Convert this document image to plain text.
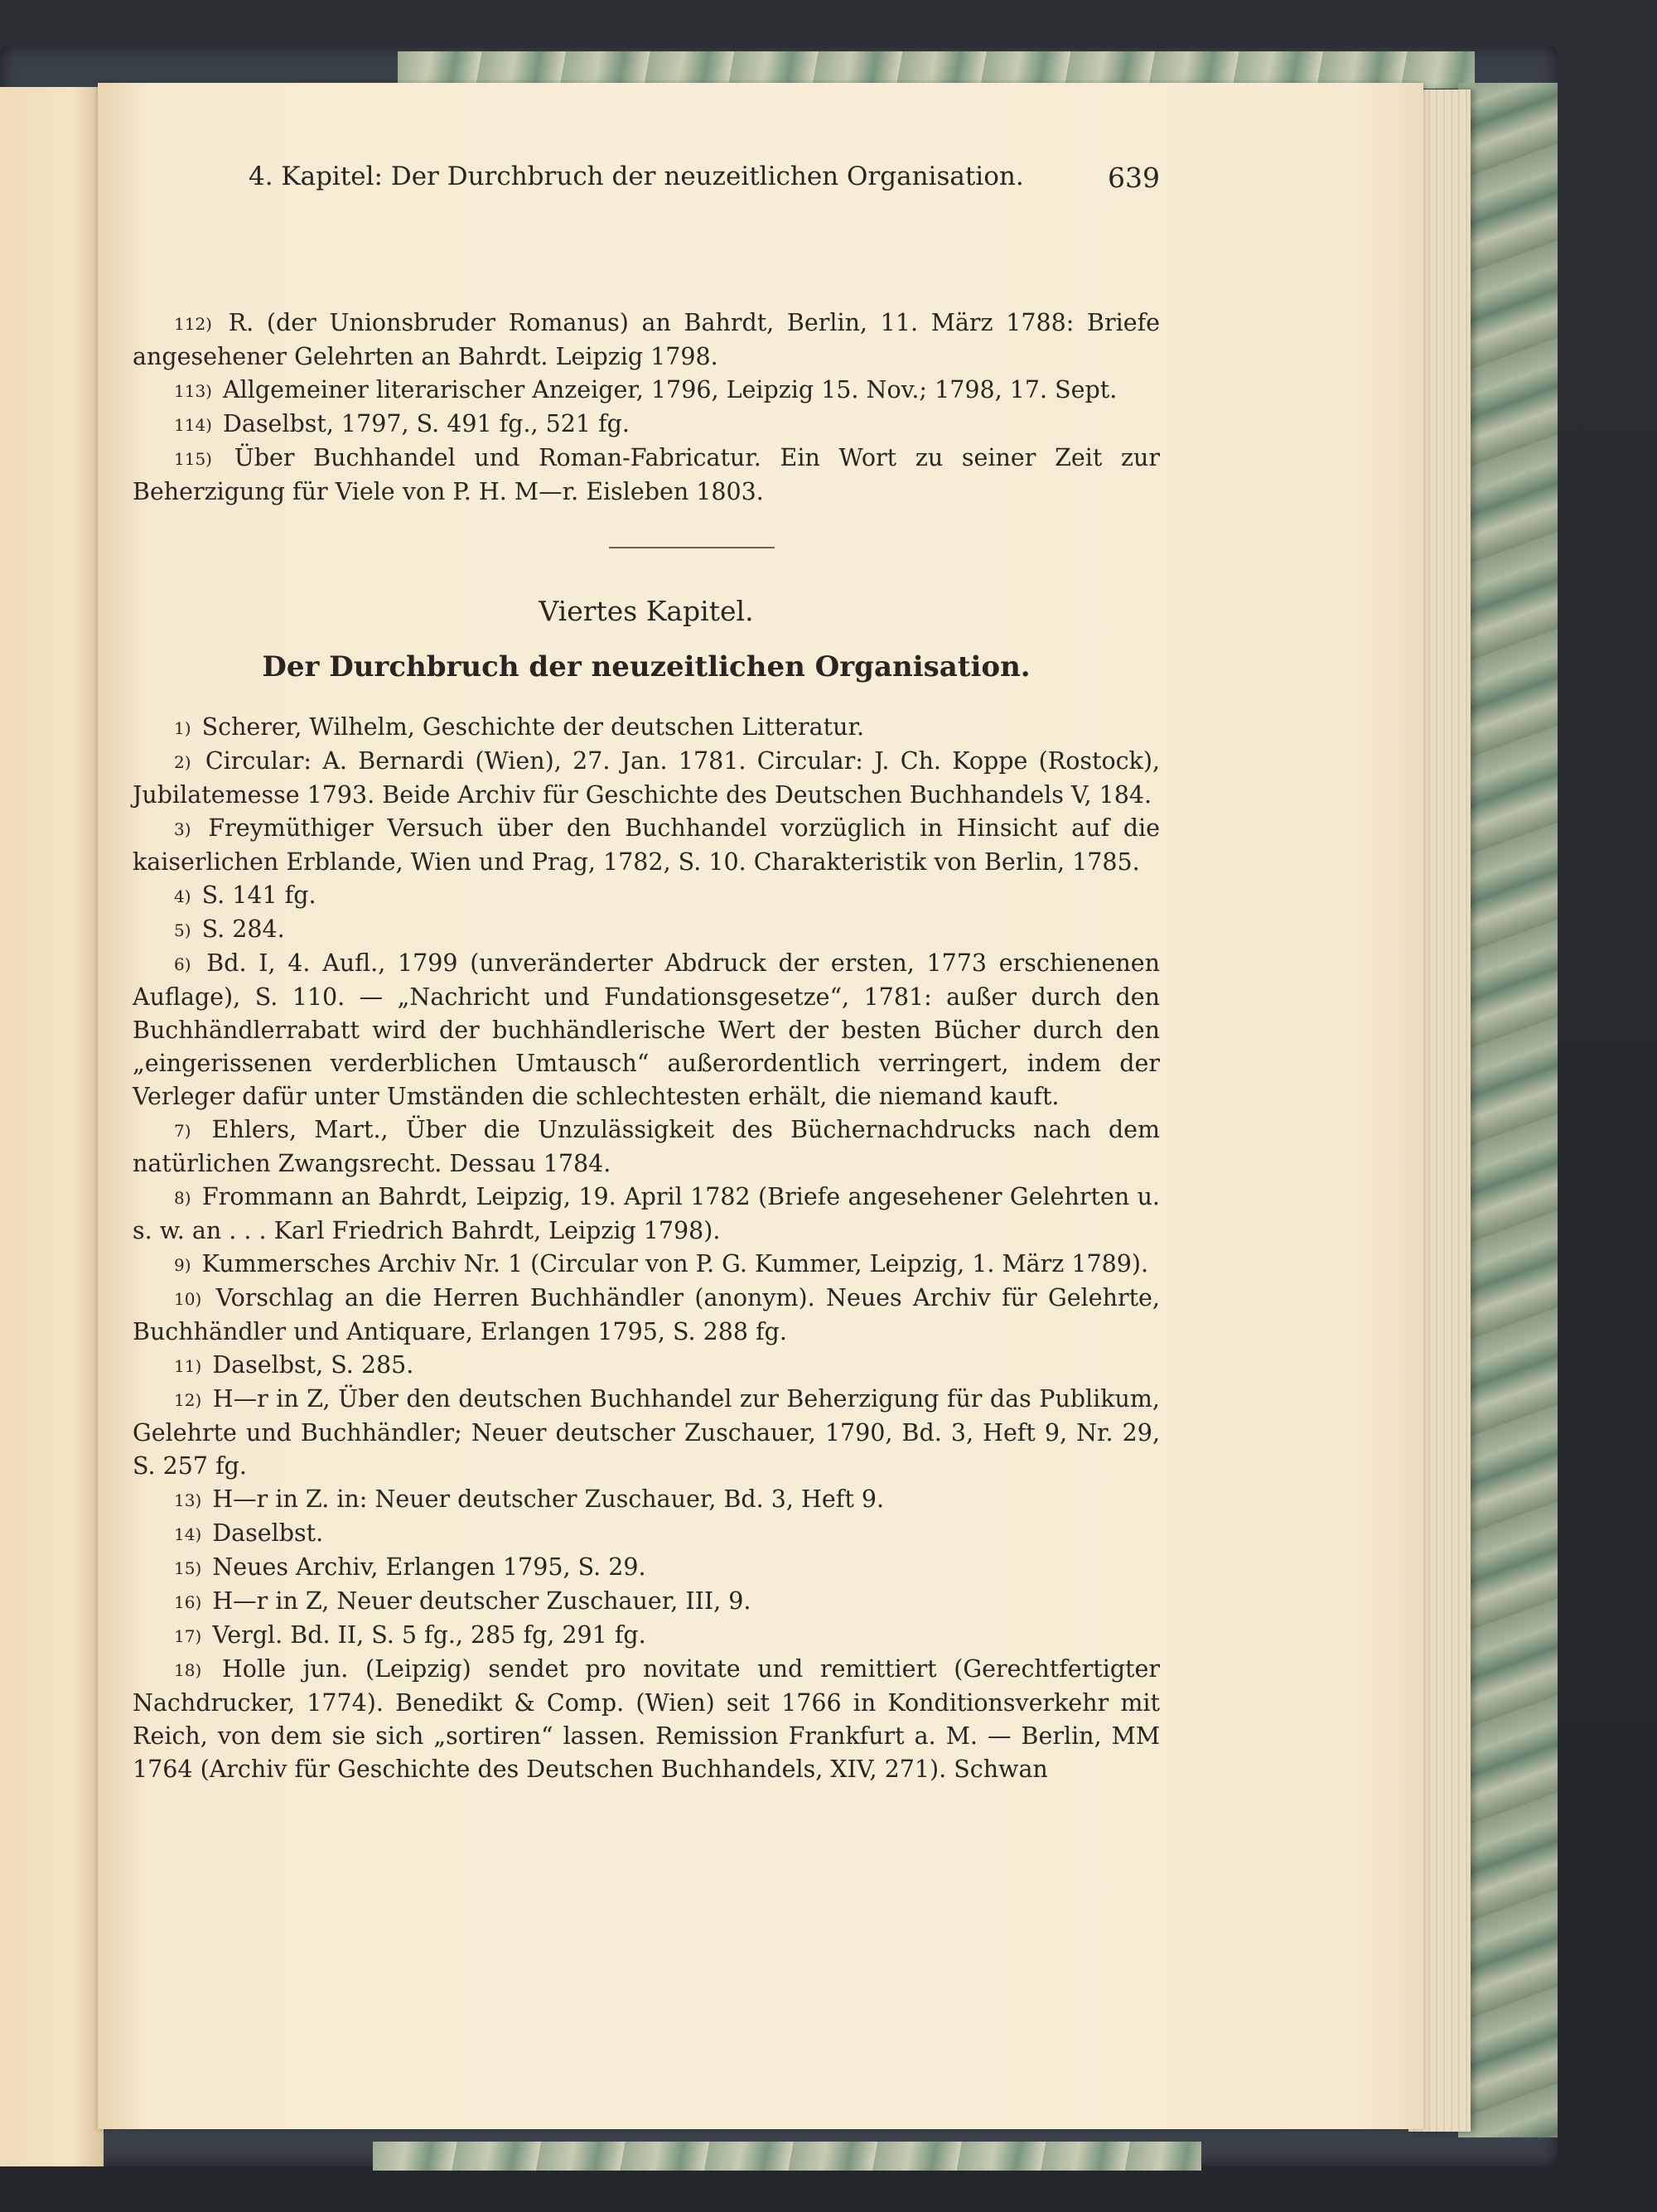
4. Kapitel: Der Durchbruch der neuzeitlichen Organisation.	639

112) R. (der Unionsbruder Romanus) an Bahrdt, Berlin, 11. März 1788: Briefe angesehener Gelehrten an Bahrdt. Leipzig 1798.

113) Allgemeiner literarischer Anzeiger, 1796, Leipzig 15. Nov.; 1798, 17. Sept.

114) Daselbst, 1797, S. 491 fg., 521 fg.

115) Über Buchhandel und Roman-Fabricatur. Ein Wort zu seiner Zeit zur Beherzigung für Viele von P. H. M—r. Eisleben 1803.

Viertes Kapitel.
Der Durchbruch der neuzeitlichen Organisation.

1) Scherer, Wilhelm, Geschichte der deutschen Litteratur.

2) Circular: A. Bernardi (Wien), 27. Jan. 1781. Circular: J. Ch. Koppe (Rostock), Jubilatemesse 1793. Beide Archiv für Geschichte des Deutschen Buchhandels V, 184.

3) Freymüthiger Versuch über den Buchhandel vorzüglich in Hinsicht auf die kaiserlichen Erblande, Wien und Prag, 1782, S. 10. Charakteristik von Berlin, 1785.

4) S. 141 fg.

5) S. 284.

6) Bd. I, 4. Aufl., 1799 (unveränderter Abdruck der ersten, 1773 erschienenen Auflage), S. 110. — „Nachricht und Fundationsgesetze“, 1781: außer durch den Buchhändlerrabatt wird der buchhändlerische Wert der besten Bücher durch den „eingerissenen verderblichen Umtausch“ außerordentlich verringert, indem der Verleger dafür unter Umständen die schlechtesten erhält, die niemand kauft.

7) Ehlers, Mart., Über die Unzulässigkeit des Büchernachdrucks nach dem natürlichen Zwangsrecht. Dessau 1784.

8) Frommann an Bahrdt, Leipzig, 19. April 1782 (Briefe angesehener Gelehrten u. s. w. an . . . Karl Friedrich Bahrdt, Leipzig 1798).

9) Kummersches Archiv Nr. 1 (Circular von P. G. Kummer, Leipzig, 1. März 1789).

10) Vorschlag an die Herren Buchhändler (anonym). Neues Archiv für Gelehrte, Buchhändler und Antiquare, Erlangen 1795, S. 288 fg.

11) Daselbst, S. 285.

12) H—r in Z, Über den deutschen Buchhandel zur Beherzigung für das Publikum, Gelehrte und Buchhändler; Neuer deutscher Zuschauer, 1790, Bd. 3, Heft 9, Nr. 29, S. 257 fg.

13) H—r in Z. in: Neuer deutscher Zuschauer, Bd. 3, Heft 9.

14) Daselbst.

15) Neues Archiv, Erlangen 1795, S. 29.

16) H—r in Z, Neuer deutscher Zuschauer, III, 9.

17) Vergl. Bd. II, S. 5 fg., 285 fg, 291 fg.

18) Holle jun. (Leipzig) sendet pro novitate und remittiert (Gerechtfertigter Nachdrucker, 1774). Benedikt & Comp. (Wien) seit 1766 in Konditionsverkehr mit Reich, von dem sie sich „sortiren“ lassen. Remission Frankfurt a. M. — Berlin, MM 1764 (Archiv für Geschichte des Deutschen Buchhandels, XIV, 271). Schwan
